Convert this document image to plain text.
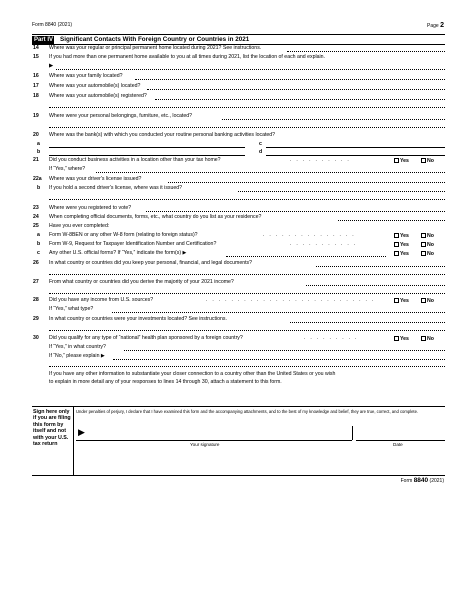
Form 8840 (2021)	Page 2
Part IV Significant Contacts With Foreign Country or Countries in 2021
14 Where was your regular or principal permanent home located during 2021? See instructions.
15 If you had more than one permanent home available to you at all times during 2021, list the location of each and explain.
▶
16 Where was your family located?
17 Where was your automobile(s) located?
18 Where was your automobile(s) registered?
19 Where were your personal belongings, furniture, etc., located?
20 Where was the bank(s) with which you conducted your routine personal banking activities located?
a	c
b	d
21 Did you conduct business activities in a location other than your tax home?	. . . . . . . . . .	Yes	No
If “Yes,” where?
22a Where was your driver's license issued?
b If you hold a second driver's license, where was it issued?
23 Where were you registered to vote?
24 When completing official documents, forms, etc., what country do you list as your residence?
25 Have you ever completed:
a Form W-8BEN or any other W-8 form (relating to foreign status)?	. . . . . . . . . . . . . . .	Yes	No
b Form W-9, Request for Taxpayer Identification Number and Certification?	. . . . . . . . . . .	Yes	No
c Any other U.S. official forms? If “Yes,” indicate the form(s) ▶	Yes	No
26 In what country or countries did you keep your personal, financial, and legal documents?
27 From what country or countries did you derive the majority of your 2021 income?
28 Did you have any income from U.S. sources?	. . . . . . . . . . . . . . . . . . . . . . . . . . .	Yes	No
If “Yes,” what type?
29 In what country or countries were your investments located? See instructions.
30 Did you qualify for any type of “national” health plan sponsored by a foreign country?	. . . . . . . . .	Yes	No
If “Yes,” in what country?
If “No,” please explain ▶
If you have any other information to substantiate your closer connection to a country other than the United States or you wish
to explain in more detail any of your responses to lines 14 through 30, attach a statement to this form.
Sign here only if you are filing this form by itself and not with your U.S. tax return
Under penalties of perjury, I declare that I have examined this form and the accompanying attachments, and to the best of my knowledge and belief, they are true, correct, and complete.
▶
Your signature	Date
Form 8840 (2021)
